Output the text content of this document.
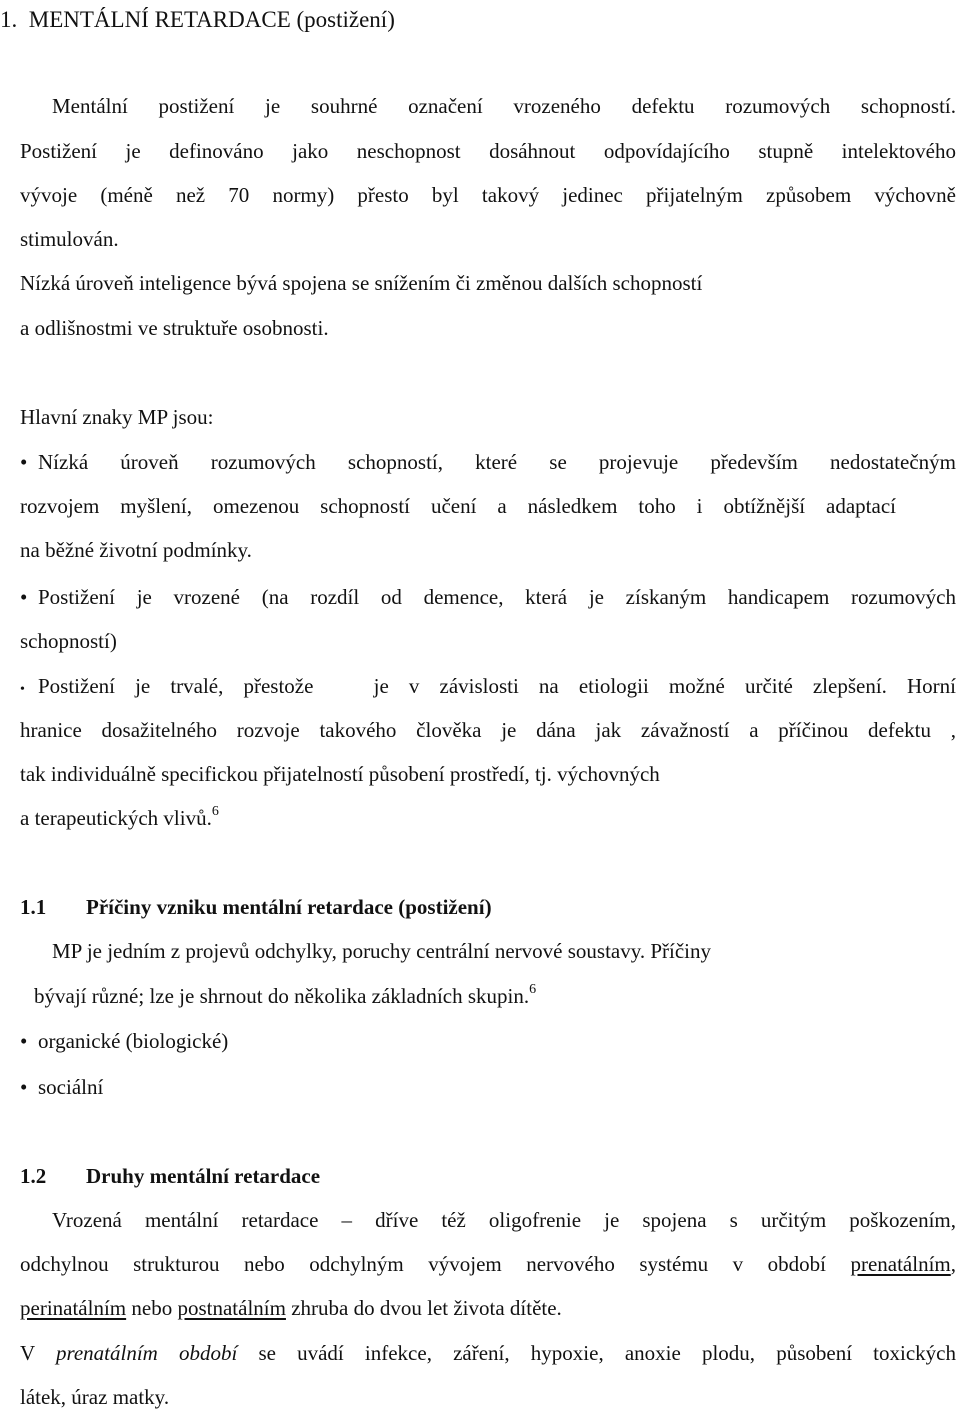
1.  MENTÁLNÍ RETARDACE (postižení)
Mentální postižení je souhrné označení vrozeného defektu rozumových schopností.
Postižení je definováno jako neschopnost dosáhnout odpovídajícího stupně intelektového
vývoje (méně než 70 normy) přesto byl takový jedinec přijatelným způsobem výchovně
stimulován.
Nízká úroveň inteligence bývá spojena se snížením či změnou dalších schopností
a odlišnostmi ve struktuře osobnosti.
Hlavní znaky MP jsou:
• Nízká úroveň rozumových schopností, které se projevuje především nedostatečným
rozvojem myšlení, omezenou schopností učení a následkem toho i obtížnější adaptací
na běžné životní podmínky.
• Postižení je vrozené (na rozdíl od demence, která je získaným handicapem rozumových
schopností)
• Postižení je trvalé, přestože   je v závislosti na etiologii možné určité zlepšení. Horní
hranice dosažitelného rozvoje takového člověka je dána jak závažností a příčinou defektu ,
tak individuálně specifickou přijatelností působení prostředí, tj. výchovných
a terapeutických vlivů.$^6$
1.1 Příčiny vzniku mentální retardace (postižení)
MP je jedním z projevů odchylky, poruchy centrální nervové soustavy. Příčiny
bývají různé; lze je shrnout do několika základních skupin.$^6$
• organické (biologické)
• sociální
1.2 Druhy mentální retardace
Vrozená mentální retardace – dříve též oligofrenie je spojena s určitým poškozením,
odchylnou strukturou nebo odchylným vývojem nervového systému v období prenatálním,
perinatálním nebo postnatálním zhruba do dvou let života dítěte.
V prenatálním období se uvádí infekce, záření, hypoxie, anoxie plodu, působení toxických
látek, úraz matky.
